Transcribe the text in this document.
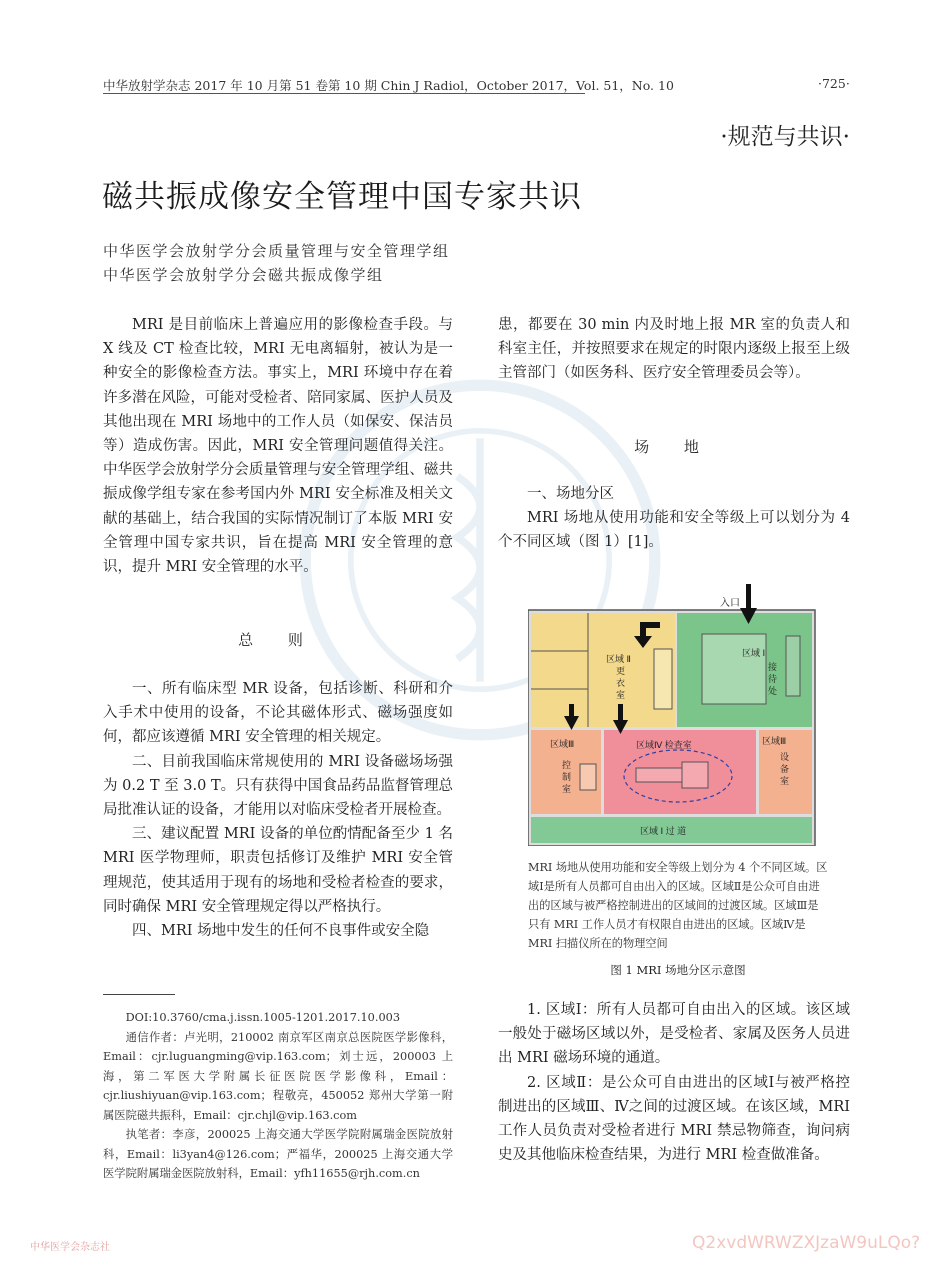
中华放射学杂志 2017 年 10 月第 51 卷第 10 期 Chin J Radiol，October 2017，Vol. 51，No. 10	·725·
·规范与共识·
磁共振成像安全管理中国专家共识
中华医学会放射学分会质量管理与安全管理学组
中华医学会放射学分会磁共振成像学组

MRI 是目前临床上普遍应用的影像检查手段。与 X 线及 CT 检查比较，MRI 无电离辐射，被认为是一种安全的影像检查方法。事实上，MRI 环境中存在着许多潜在风险，可能对受检者、陪同家属、医护人员及其他出现在 MRI 场地中的工作人员（如保安、保洁员等）造成伤害。因此，MRI 安全管理问题值得关注。中华医学会放射学分会质量管理与安全管理学组、磁共振成像学组专家在参考国内外 MRI 安全标准及相关文献的基础上，结合我国的实际情况制订了本版 MRI 安全管理中国专家共识，旨在提高 MRI 安全管理的意识，提升 MRI 安全管理的水平。

总 则

一、所有临床型 MR 设备，包括诊断、科研和介入手术中使用的设备，不论其磁体形式、磁场强度如何，都应该遵循 MRI 安全管理的相关规定。

二、目前我国临床常规使用的 MRI 设备磁场场强为 0.2 T 至 3.0 T。只有获得中国食品药品监督管理总局批准认证的设备，才能用以对临床受检者开展检查。

三、建议配置 MRI 设备的单位酌情配备至少 1 名 MRI 医学物理师，职责包括修订及维护 MRI 安全管理规范，使其适用于现有的场地和受检者检查的要求，同时确保 MRI 安全管理规定得以严格执行。

四、MRI 场地中发生的任何不良事件或安全隐

DOI:10.3760/cma.j.issn.1005-1201.2017.10.003

通信作者：卢光明，210002 南京军区南京总医院医学影像科，Email：cjr.luguangming@vip.163.com；刘士远，200003 上海，第二军医大学附属长征医院医学影像科，Email：cjr.liushiyuan@vip.163.com；程敬亮，450052 郑州大学第一附属医院磁共振科，Email：cjr.chjl@vip.163.com

执笔者：李彦，200025 上海交通大学医学院附属瑞金医院放射科，Email：li3yan4@126.com；严福华，200025 上海交通大学医学院附属瑞金医院放射科，Email：yfh11655@rjh.com.cn

患，都要在 30 min 内及时地上报 MR 室的负责人和科室主任，并按照要求在规定的时限内逐级上报至上级主管部门（如医务科、医疗安全管理委员会等）。

场 地

一、场地分区

MRI 场地从使用功能和安全等级上可以划分为 4 个不同区域（图 1）[1]。

入口
区域 Ⅰ
接
待
处
区域 Ⅱ
更
衣
室
区域Ⅲ
控
制
室
区域Ⅳ 检查室	区域Ⅲ
设
备
室
区域 Ⅰ 过 道
MRI 场地从使用功能和安全等级上划分为 4 个不同区域。区域Ⅰ是所有人员都可自由出入的区域。区域Ⅱ是公众可自由进出的区域与被严格控制进出的区域间的过渡区域。区域Ⅲ是只有 MRI 工作人员才有权限自由进出的区域。区域Ⅳ是 MRI 扫描仪所在的物理空间
图 1 MRI 场地分区示意图

1. 区域Ⅰ：所有人员都可自由出入的区域。该区域一般处于磁场区域以外，是受检者、家属及医务人员进出 MRI 磁场环境的通道。

2. 区域Ⅱ：是公众可自由进出的区域Ⅰ与被严格控制进出的区域Ⅲ、Ⅳ之间的过渡区域。在该区域，MRI 工作人员负责对受检者进行 MRI 禁忌物筛查，询问病史及其他临床检查结果，为进行 MRI 检查做准备。

中华医学会杂志社	Q2xvdWRWZXJzaW9uLQo?
